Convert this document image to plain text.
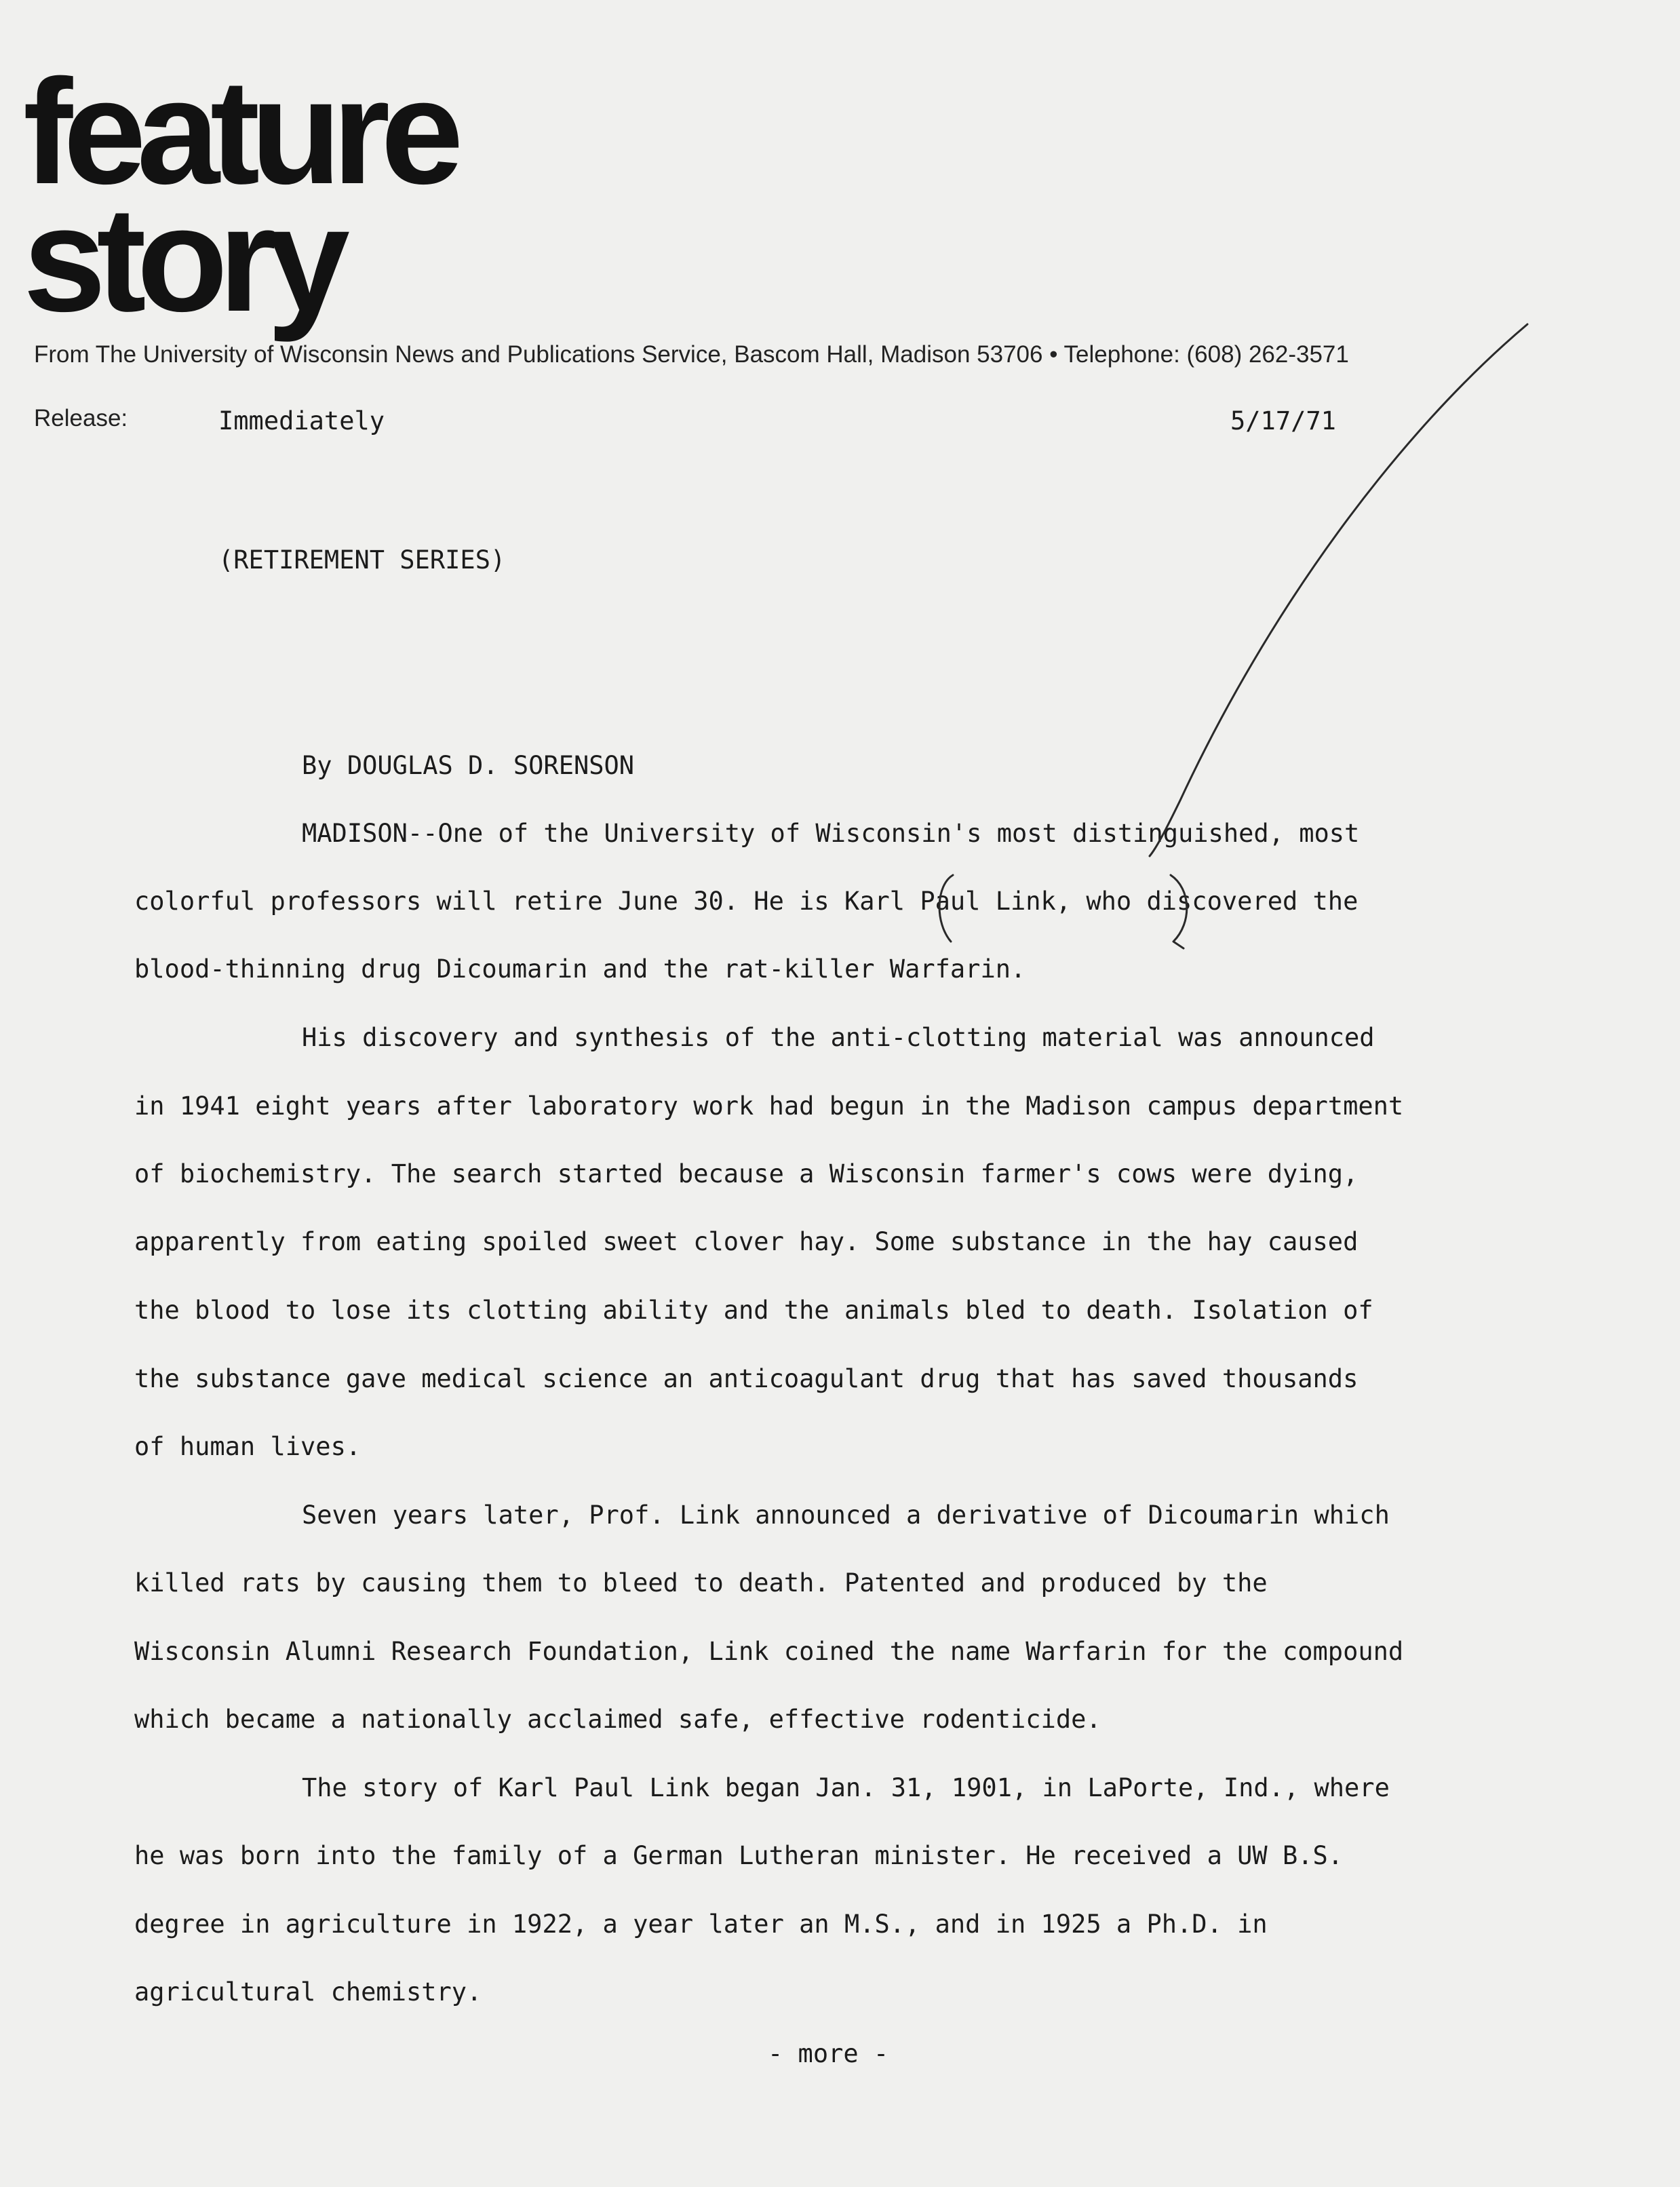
feature
story
From The University of Wisconsin News and Publications Service, Bascom Hall, Madison 53706 • Telephone: (608) 262-3571
Release:	Immediately	5/17/71
(RETIREMENT SERIES)
By DOUGLAS D. SORENSON
MADISON--One of the University of Wisconsin's most distinguished, most
colorful professors will retire June 30. He is Karl Paul Link, who discovered the
blood-thinning drug Dicoumarin and the rat-killer Warfarin.
His discovery and synthesis of the anti-clotting material was announced
in 1941 eight years after laboratory work had begun in the Madison campus department
of biochemistry. The search started because a Wisconsin farmer's cows were dying,
apparently from eating spoiled sweet clover hay. Some substance in the hay caused
the blood to lose its clotting ability and the animals bled to death. Isolation of
the substance gave medical science an anticoagulant drug that has saved thousands
of human lives.
Seven years later, Prof. Link announced a derivative of Dicoumarin which
killed rats by causing them to bleed to death. Patented and produced by the
Wisconsin Alumni Research Foundation, Link coined the name Warfarin for the compound
which became a nationally acclaimed safe, effective rodenticide.
The story of Karl Paul Link began Jan. 31, 1901, in LaPorte, Ind., where
he was born into the family of a German Lutheran minister. He received a UW B.S.
degree in agriculture in 1922, a year later an M.S., and in 1925 a Ph.D. in
agricultural chemistry.
- more -
